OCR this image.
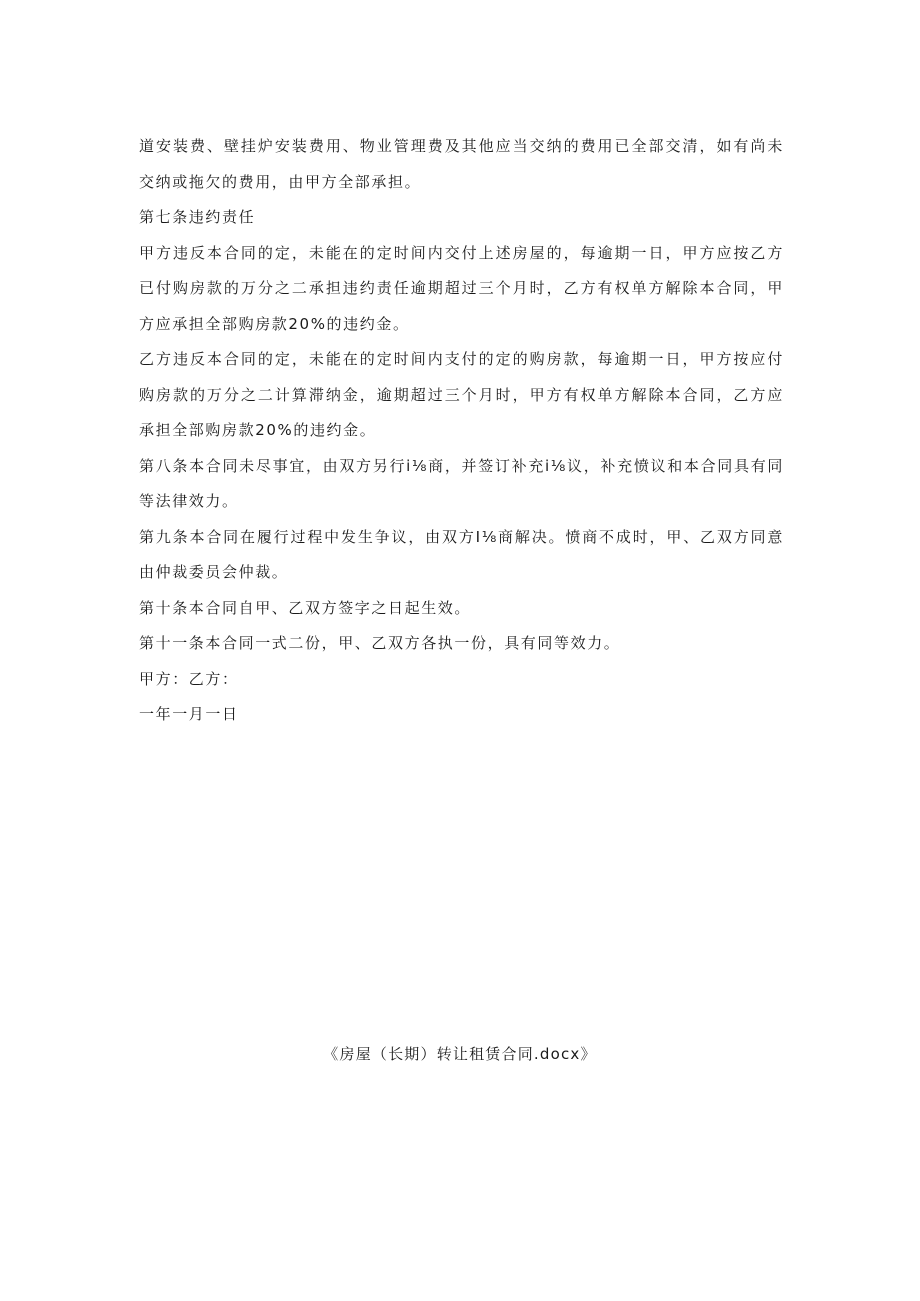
道安装费、壁挂炉安装费用、物业管理费及其他应当交纳的费用已全部交清，如有尚未交纳或拖欠的费用，由甲方全部承担。

第七条违约责任

甲方违反本合同的定，未能在的定时间内交付上述房屋的，每逾期一日，甲方应按乙方已付购房款的万分之二承担违约责任逾期超过三个月时，乙方有权单方解除本合同，甲方应承担全部购房款20%的违约金。

乙方违反本合同的定，未能在的定时间内支付的定的购房款，每逾期一日，甲方按应付购房款的万分之二计算滞纳金，逾期超过三个月时，甲方有权单方解除本合同，乙方应承担全部购房款20%的违约金。

第八条本合同未尽事宜，由双方另行i⅛商，并签订补充i⅛议，补充愤议和本合同具有同等法律效力。

第九条本合同在履行过程中发生争议，由双方I⅛商解决。愤商不成时，甲、乙双方同意由仲裁委员会仲裁。

第十条本合同自甲、乙双方签字之日起生效。

第十一条本合同一式二份，甲、乙双方各执一份，具有同等效力。

甲方：乙方：

一年一月一日

《房屋（长期）转让租赁合同.docx》
